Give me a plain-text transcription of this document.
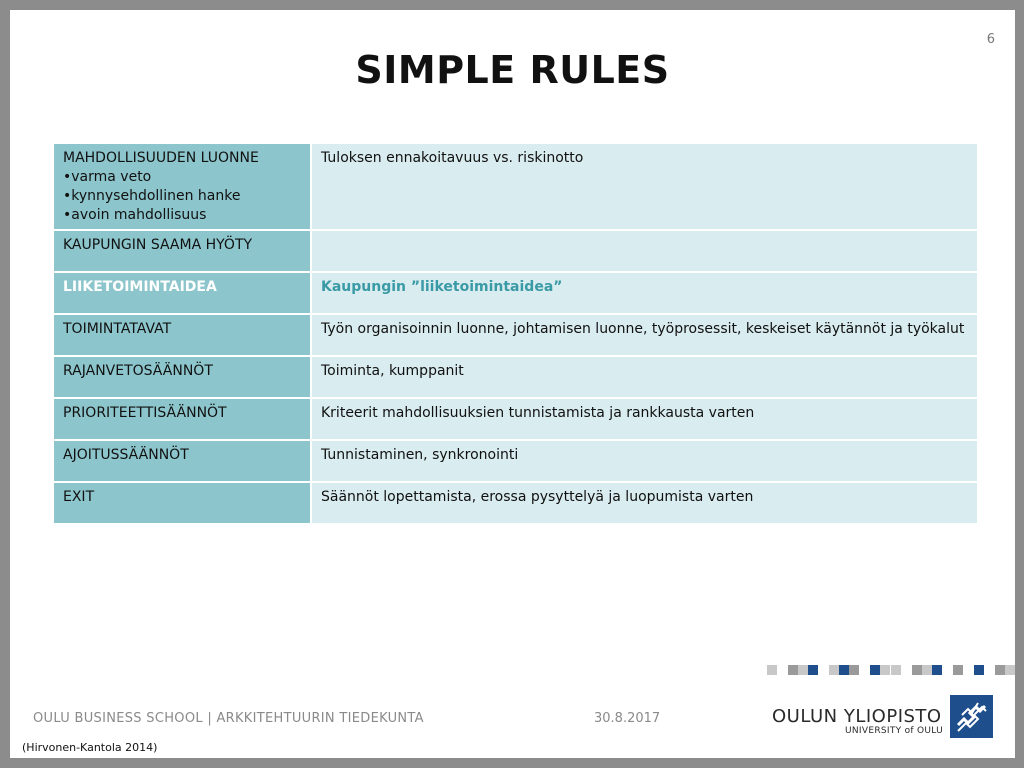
6
SIMPLE RULES
MAHDOLLISUUDEN LUONNE
•varma veto
•kynnysehdollinen hanke
•avoin mahdollisuus	Tuloksen ennakoitavuus vs. riskinotto
KAUPUNGIN SAAMA HYÖTY	
LIIKETOIMINTAIDEA	Kaupungin ”liiketoimintaidea”
TOIMINTATAVAT	Työn organisoinnin luonne, johtamisen luonne, työprosessit, keskeiset käytännöt ja työkalut
RAJANVETOSÄÄNNÖT	Toiminta, kumppanit
PRIORITEETTISÄÄNNÖT	Kriteerit mahdollisuuksien tunnistamista ja rankkausta varten
AJOITUSSÄÄNNÖT	Tunnistaminen, synkronointi
EXIT	Säännöt lopettamista, erossa pysyttelyä ja luopumista varten
OULU BUSINESS SCHOOL | ARKKITEHTUURIN TIEDEKUNTA	30.8.2017	OULUN YLIOPISTO
UNIVERSITY of OULU
(Hirvonen-Kantola 2014)
